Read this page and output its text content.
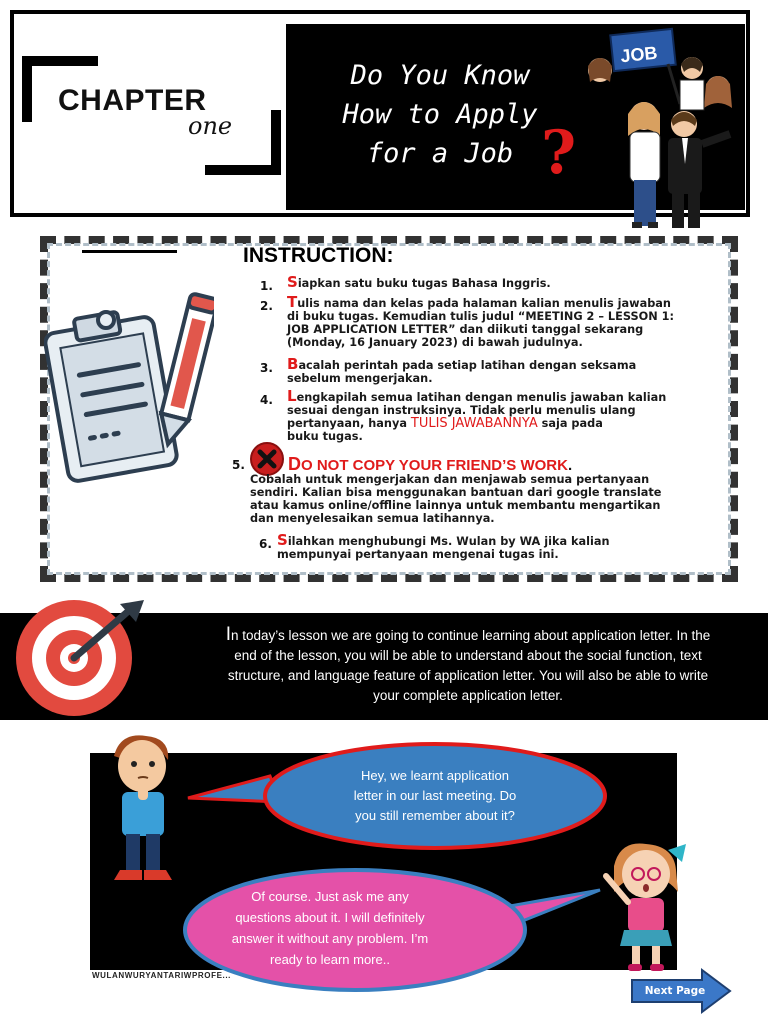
CHAPTER
one
Do You Know
How to Apply
for a Job ?
JOB
INSTRUCTION:
1. Siapkan satu buku tugas Bahasa Inggris.
2. Tulis nama dan kelas pada halaman kalian menulis jawaban
di buku tugas. Kemudian tulis judul “MEETING 2 – LESSON 1:
JOB APPLICATION LETTER” dan diikuti tanggal sekarang
(Monday, 16 January 2023) di bawah judulnya.
3. Bacalah perintah pada setiap latihan dengan seksama
sebelum mengerjakan.
4. Lengkapilah semua latihan dengan menulis jawaban kalian
sesuai dengan instruksinya. Tidak perlu menulis ulang
pertanyaan, hanya TULIS JAWABANNYA saja pada
buku tugas.
5. DO NOT COPY YOUR FRIEND’S WORK.
Cobalah untuk mengerjakan dan menjawab semua pertanyaan
sendiri. Kalian bisa menggunakan bantuan dari google translate
atau kamus online/offline lainnya untuk membantu mengartikan
dan menyelesaikan semua latihannya.
6. Silahkan menghubungi Ms. Wulan by WA jika kalian
mempunyai pertanyaan mengenai tugas ini.
In today’s lesson we are going to continue learning about application letter. In the
end of the lesson, you will be able to understand about the social function, text
structure, and language feature of application letter. You will also be able to write
your complete application letter.
Hey, we learnt application
letter in our last meeting. Do
you still remember about it?
Of course. Just ask me any
questions about it. I will definitely
answer it without any problem. I’m
ready to learn more..
WULANWURYANTARIWPROFE...
Next Page
